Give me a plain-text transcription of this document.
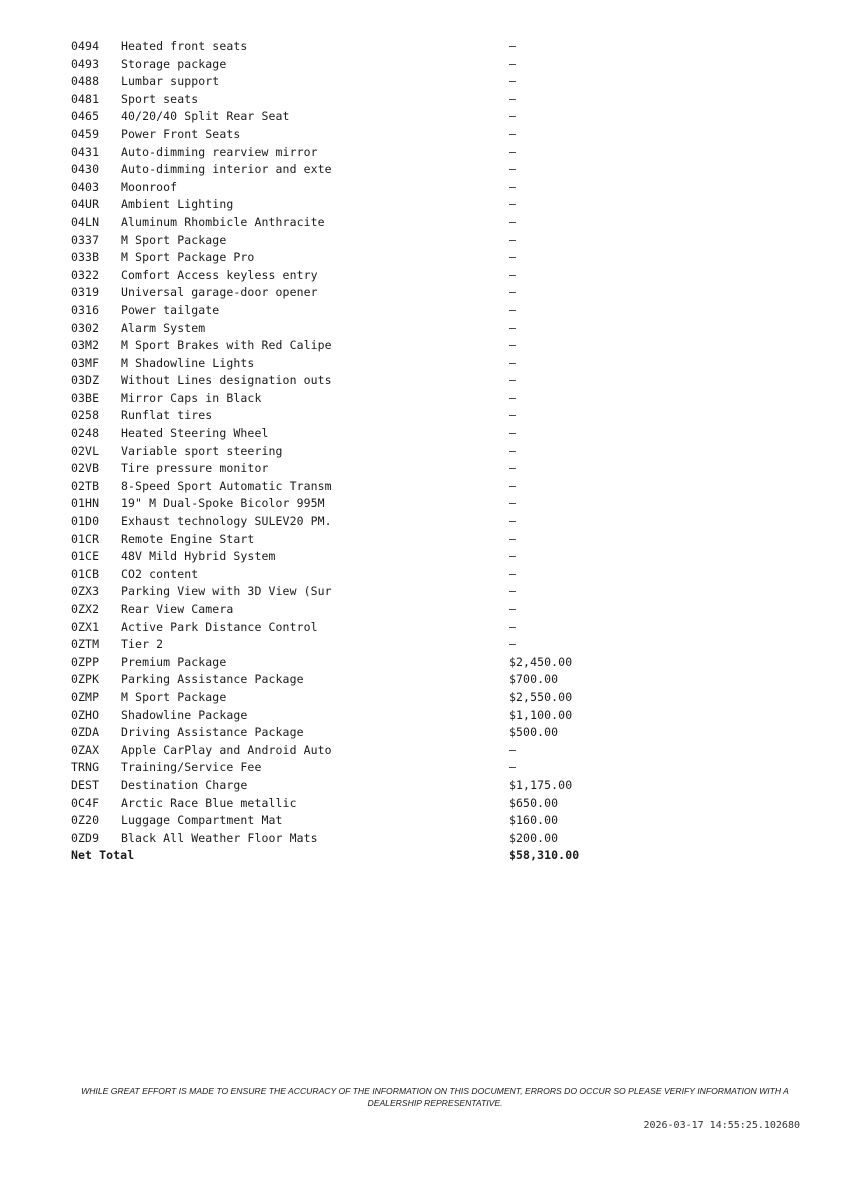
0494	Heated front seats	—
0493	Storage package	—
0488	Lumbar support	—
0481	Sport seats	—
0465	40/20/40 Split Rear Seat	—
0459	Power Front Seats	—
0431	Auto-dimming rearview mirror	—
0430	Auto-dimming interior and exte	—
0403	Moonroof	—
04UR	Ambient Lighting	—
04LN	Aluminum Rhombicle Anthracite	—
0337	M Sport Package	—
033B	M Sport Package Pro	—
0322	Comfort Access keyless entry	—
0319	Universal garage-door opener	—
0316	Power tailgate	—
0302	Alarm System	—
03M2	M Sport Brakes with Red Calipe	—
03MF	M Shadowline Lights	—
03DZ	Without Lines designation outs	—
03BE	Mirror Caps in Black	—
0258	Runflat tires	—
0248	Heated Steering Wheel	—
02VL	Variable sport steering	—
02VB	Tire pressure monitor	—
02TB	8-Speed Sport Automatic Transm	—
01HN	19" M Dual-Spoke Bicolor 995M	—
01D0	Exhaust technology SULEV20 PM.	—
01CR	Remote Engine Start	—
01CE	48V Mild Hybrid System	—
01CB	CO2 content	—
0ZX3	Parking View with 3D View (Sur	—
0ZX2	Rear View Camera	—
0ZX1	Active Park Distance Control	—
0ZTM	Tier 2	—
0ZPP	Premium Package	$2,450.00
0ZPK	Parking Assistance Package	$700.00
0ZMP	M Sport Package	$2,550.00
0ZHO	Shadowline Package	$1,100.00
0ZDA	Driving Assistance Package	$500.00
0ZAX	Apple CarPlay and Android Auto	—
TRNG	Training/Service Fee	—
DEST	Destination Charge	$1,175.00
0C4F	Arctic Race Blue metallic	$650.00
0Z20	Luggage Compartment Mat	$160.00
0ZD9	Black All Weather Floor Mats	$200.00
Net Total		$58,310.00
WHILE GREAT EFFORT IS MADE TO ENSURE THE ACCURACY OF THE INFORMATION ON THIS DOCUMENT, ERRORS DO OCCUR SO PLEASE VERIFY INFORMATION WITH A DEALERSHIP REPRESENTATIVE.
2026-03-17 14:55:25.102680
